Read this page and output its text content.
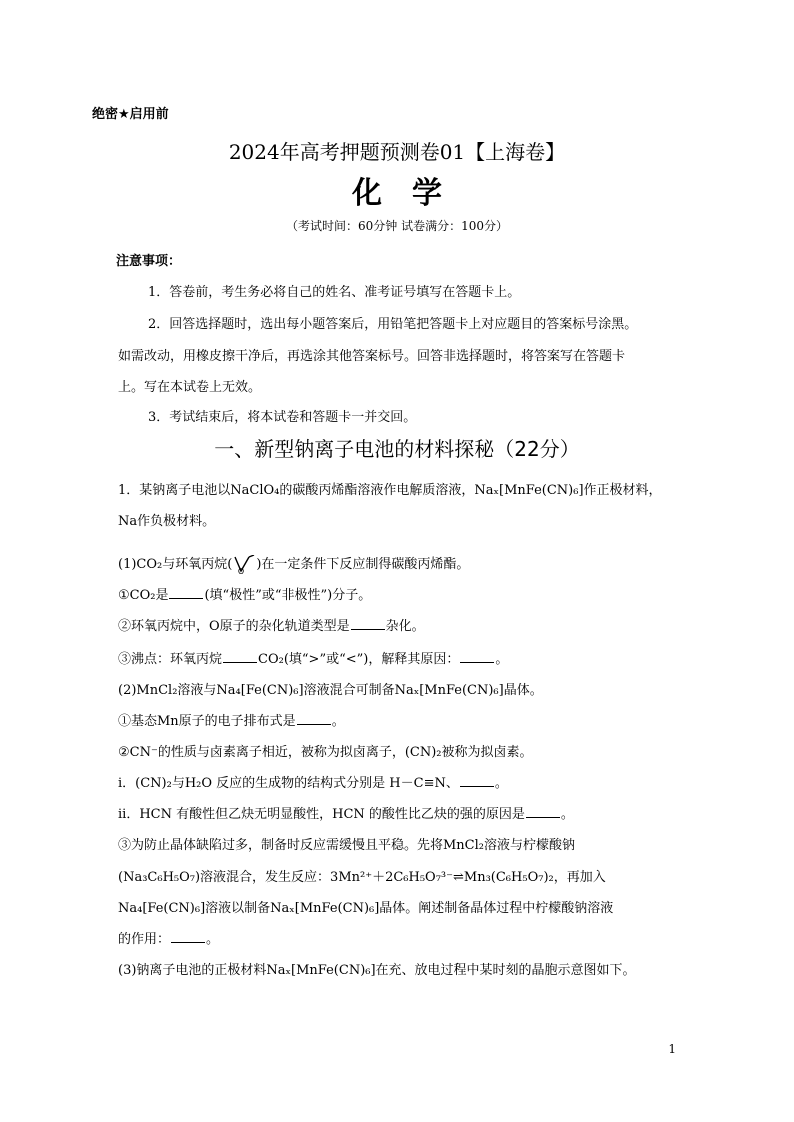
绝密★启用前
2024年高考押题预测卷01【上海卷】
化学
（考试时间：60分钟 试卷满分：100分）
注意事项：
1．答卷前，考生务必将自己的姓名、准考证号填写在答题卡上。
2．回答选择题时，选出每小题答案后，用铅笔把答题卡上对应题目的答案标号涂黑。
如需改动，用橡皮擦干净后，再选涂其他答案标号。回答非选择题时，将答案写在答题卡
上。写在本试卷上无效。
3．考试结束后，将本试卷和答题卡一并交回。
一、新型钠离子电池的材料探秘（22分）
1．某钠离子电池以NaClO₄的碳酸丙烯酯溶液作电解质溶液，Naₓ[MnFe(CN)₆]作正极材料，
Na作负极材料。
(1)CO₂与环氧丙烷( O )在一定条件下反应制得碳酸丙烯酯。
①CO₂是	(填“极性”或“非极性”)分子。
②环氧丙烷中，O原子的杂化轨道类型是	杂化。
③沸点：环氧丙烷	CO₂(填“>”或“<”)，解释其原因：	。
(2)MnCl₂溶液与Na₄[Fe(CN)₆]溶液混合可制备Naₓ[MnFe(CN)₆]晶体。
①基态Mn原子的电子排布式是	。
②CN⁻的性质与卤素离子相近，被称为拟卤离子，(CN)₂被称为拟卤素。
i．(CN)₂与H₂O 反应的生成物的结构式分别是 H－C≡N、	。
ii．HCN 有酸性但乙炔无明显酸性，HCN 的酸性比乙炔的强的原因是	。
③为防止晶体缺陷过多，制备时反应需缓慢且平稳。先将MnCl₂溶液与柠檬酸钠
(Na₃C₆H₅O₇)溶液混合，发生反应：3Mn²⁺＋2C₆H₅O₇³⁻⇌Mn₃(C₆H₅O₇)₂，再加入
Na₄[Fe(CN)₆]溶液以制备Naₓ[MnFe(CN)₆]晶体。阐述制备晶体过程中柠檬酸钠溶液
的作用：	。
(3)钠离子电池的正极材料Naₓ[MnFe(CN)₆]在充、放电过程中某时刻的晶胞示意图如下。
1
